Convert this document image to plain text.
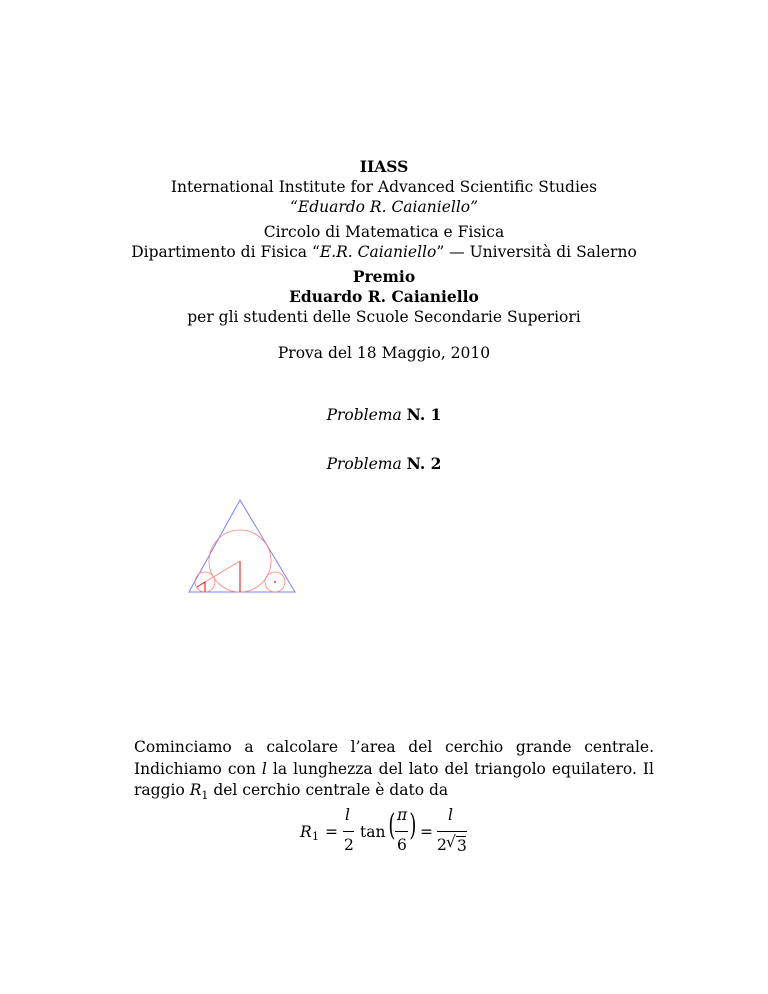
IIASS
International Institute for Advanced Scientific Studies
“Eduardo R. Caianiello”
Circolo di Matematica e Fisica
Dipartimento di Fisica “E.R. Caianiello” — Università di Salerno
Premio
Eduardo R. Caianiello
per gli studenti delle Scuole Secondarie Superiori
Prova del 18 Maggio, 2010
Problema N. 1
Problema N. 2
Cominciamo a calcolare l’area del cerchio grande centrale. Indichiamo con l la lunghezza del lato del triangolo equilatero. Il raggio $R_1$ del cerchio centrale è dato da
R 1 =
l
2
tan ( π
6
) =
l
2 √ 3
